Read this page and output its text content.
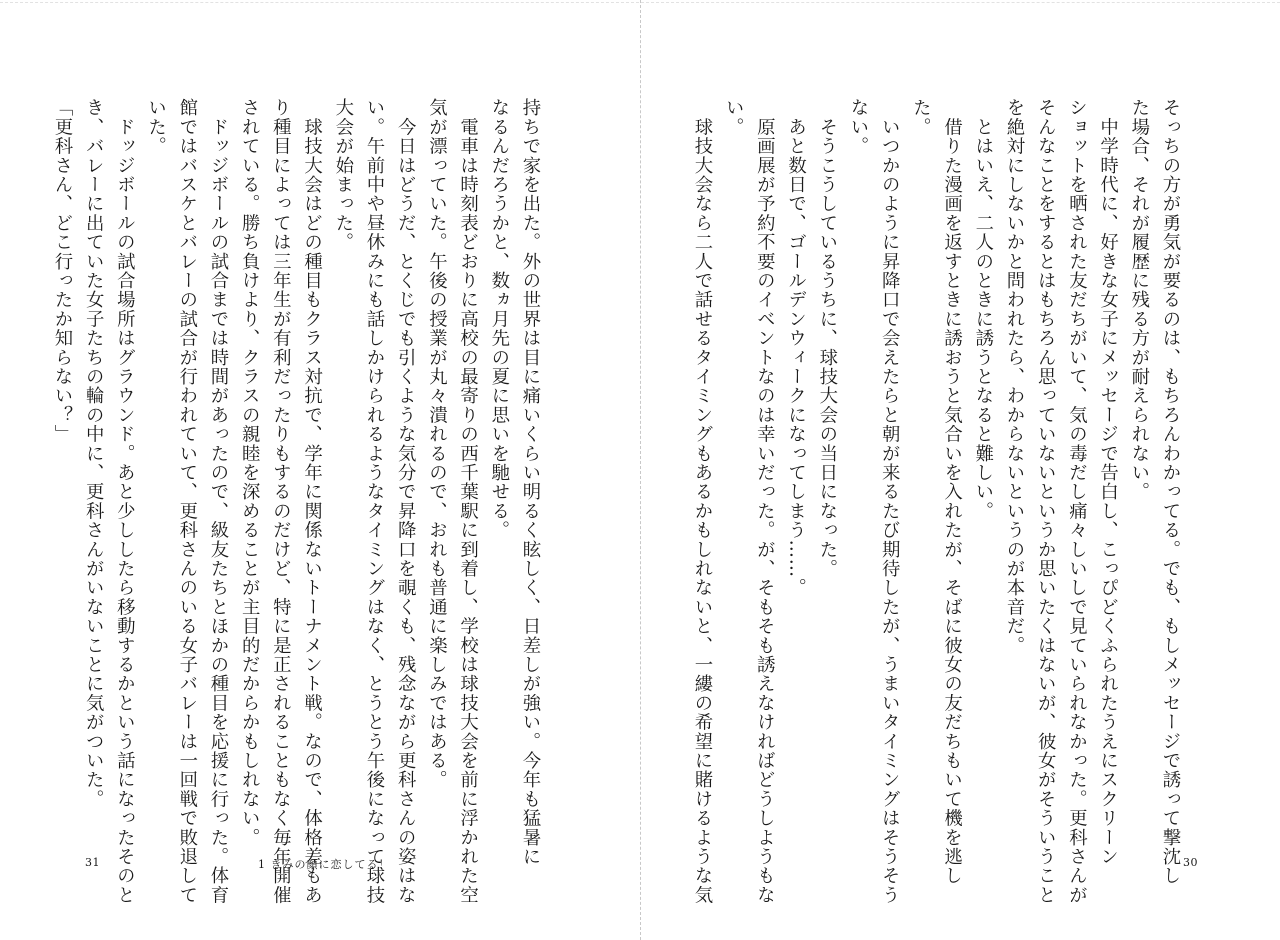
持ちで家を出た。外の世界は目に痛いくらい明るく眩しく、日差しが強い。今年も猛暑に

なるんだろうかと、数ヵ月先の夏に思いを馳せる。

　電車は時刻表どおりに高校の最寄りの西千葉駅に到着し、学校は球技大会を前に浮かれた空

気が漂っていた。午後の授業が丸々潰れるので、おれも普通に楽しみではある。

　今日はどうだ、とくじでも引くような気分で昇降口を覗くも、残念ながら更科さんの姿はな

い。午前中や昼休みにも話しかけられるようなタイミングはなく、とうとう午後になって球技

大会が始まった。

　球技大会はどの種目もクラス対抗で、学年に関係ないトーナメント戦。なので、体格差もあ

り種目によっては三年生が有利だったりもするのだけど、特に是正されることもなく毎年開催

されている。勝ち負けより、クラスの親睦を深めることが主目的だからかもしれない。

　ドッジボールの試合までは時間があったので、級友たちとほかの種目を応援に行った。体育

館ではバスケとバレーの試合が行われていて、更科さんのいる女子バレーは一回戦で敗退して

いた。

　ドッジボールの試合場所はグラウンド。あと少ししたら移動するかという話になったそのと

き、バレーに出ていた女子たちの輪の中に、更科さんがいないことに気がついた。

「更科さん、どこ行ったか知らない？」

31	1 きみの顔に恋してる！	そっちの方が勇気が要るのは、もちろんわかってる。でも、もしメッセージで誘って撃沈し

た場合、それが履歴に残る方が耐えられない。

　中学時代に、好きな女子にメッセージで告白し、こっぴどくふられたうえにスクリーン

ショットを晒された友だちがいて、気の毒だし痛々しいしで見ていられなかった。更科さんが

そんなことをするとはもちろん思っていないというか思いたくはないが、彼女がそういうこと

を絶対にしないかと問われたら、わからないというのが本音だ。

　とはいえ、二人のときに誘うとなると難しい。

　借りた漫画を返すときに誘おうと気合いを入れたが、そばに彼女の友だちもいて機を逃し

た。

　いつかのように昇降口で会えたらと朝が来るたび期待したが、うまいタイミングはそうそう

ない。

　そうこうしているうちに、球技大会の当日になった。

　あと数日で、ゴールデンウィークになってしまう……。

　原画展が予約不要のイベントなのは幸いだった。が、そもそも誘えなければどうしようもな

い。

　球技大会なら二人で話せるタイミングもあるかもしれないと、一縷の希望に賭けるような気	30
